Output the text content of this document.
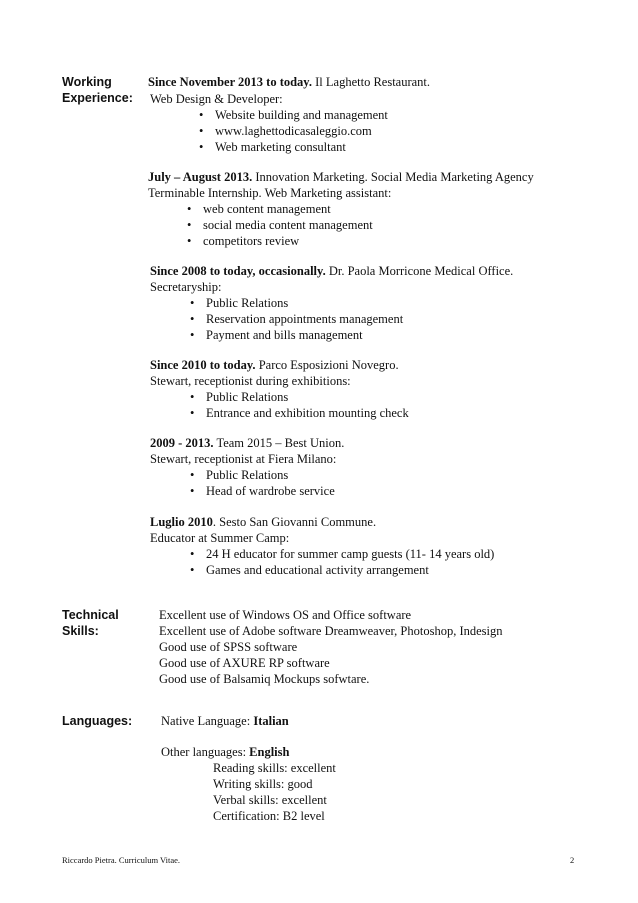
Working
Experience:
Since November 2013 to today. Il Laghetto Restaurant.
Web Design & Developer:
• Website building and management
• www.laghettodicasaleggio.com
• Web marketing consultant
July – August 2013. Innovation Marketing. Social Media Marketing Agency
Terminable Internship. Web Marketing assistant:
• web content management
• social media content management
• competitors review
Since 2008 to today, occasionally. Dr. Paola Morricone Medical Office.
Secretaryship:
• Public Relations
• Reservation appointments management
• Payment and bills management
Since 2010 to today. Parco Esposizioni Novegro.
Stewart, receptionist during exhibitions:
• Public Relations
• Entrance and exhibition mounting check
2009 - 2013. Team 2015 – Best Union.
Stewart, receptionist at Fiera Milano:
• Public Relations
• Head of wardrobe service
Luglio 2010. Sesto San Giovanni Commune.
Educator at Summer Camp:
• 24 H educator for summer camp guests (11- 14 years old)
• Games and educational activity arrangement
Technical
Skills:
Excellent use of Windows OS and Office software
Excellent use of Adobe software Dreamweaver, Photoshop, Indesign
Good use of SPSS software
Good use of AXURE RP software
Good use of Balsamiq Mockups sofwtare.
Languages:	Native Language: Italian
Other languages: English
Reading skills: excellent
Writing skills: good
Verbal skills: excellent
Certification: B2 level
Riccardo Pietra. Curriculum Vitae.	2
